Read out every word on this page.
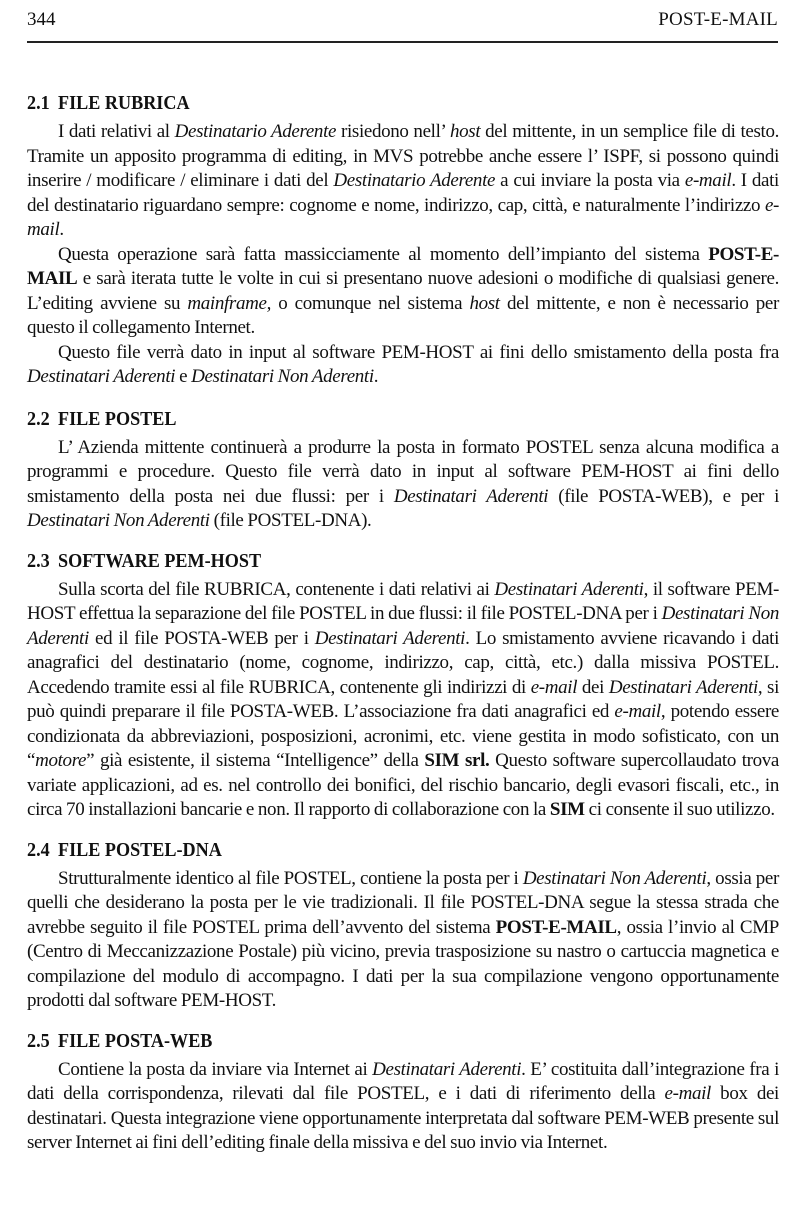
344	POST-E-MAIL
2.1 FILE RUBRICA

I dati relativi al Destinatario Aderente risiedono nell’ host del mittente, in un semplice file di testo. Tramite un apposito programma di editing, in MVS potrebbe anche essere l’ ISPF, si possono quindi inserire / modificare / eliminare i dati del Destinatario Aderente a cui inviare la posta via e-mail. I dati del destinatario riguardano sempre: cognome e nome, indirizzo, cap, città, e naturalmente l’indirizzo e-mail.

Questa operazione sarà fatta massicciamente al momento dell’impianto del sistema POST-E-MAIL e sarà iterata tutte le volte in cui si presentano nuove adesioni o modifiche di qualsiasi genere. L’editing avviene su mainframe, o comunque nel sistema host del mittente, e non è necessario per questo il collegamento Internet.

Questo file verrà dato in input al software PEM-HOST ai fini dello smistamento della posta fra Destinatari Aderenti e Destinatari Non Aderenti.

2.2 FILE POSTEL

L’ Azienda mittente continuerà a produrre la posta in formato POSTEL senza alcuna modifica a programmi e procedure. Questo file verrà dato in input al software PEM-HOST ai fini dello smistamento della posta nei due flussi: per i Destinatari Aderenti (file POSTA-WEB), e per i Destinatari Non Aderenti (file POSTEL-DNA).

2.3 SOFTWARE PEM-HOST

Sulla scorta del file RUBRICA, contenente i dati relativi ai Destinatari Aderenti, il software PEM-HOST effettua la separazione del file POSTEL in due flussi: il file POSTEL-DNA per i Destinatari Non Aderenti ed il file POSTA-WEB per i Destinatari Aderenti. Lo smistamento avviene ricavando i dati anagrafici del destinatario (nome, cognome, indirizzo, cap, città, etc.) dalla missiva POSTEL. Accedendo tramite essi al file RUBRICA, contenente gli indirizzi di e-mail dei Destinatari Aderenti, si può quindi preparare il file POSTA-WEB. L’associazione fra dati anagrafici ed e-mail, potendo essere condizionata da abbreviazioni, posposizioni, acronimi, etc. viene gestita in modo sofisticato, con un “motore” già esistente, il sistema “Intelligence” della SIM srl. Questo software supercollaudato trova variate applicazioni, ad es. nel controllo dei bonifici, del rischio bancario, degli evasori fiscali, etc., in circa 70 installazioni bancarie e non. Il rapporto di collaborazione con la SIM ci consente il suo utilizzo.

2.4 FILE POSTEL-DNA

Strutturalmente identico al file POSTEL, contiene la posta per i Destinatari Non Aderenti, ossia per quelli che desiderano la posta per le vie tradizionali. Il file POSTEL-DNA segue la stessa strada che avrebbe seguito il file POSTEL prima dell’avvento del sistema POST-E-MAIL, ossia l’invio al CMP (Centro di Meccanizzazione Postale) più vicino, previa trasposizione su nastro o cartuccia magnetica e compilazione del modulo di accompagno. I dati per la sua compilazione vengono opportunamente prodotti dal software PEM-HOST.

2.5 FILE POSTA-WEB

Contiene la posta da inviare via Internet ai Destinatari Aderenti. E’ costituita dall’integrazione fra i dati della corrispondenza, rilevati dal file POSTEL, e i dati di riferimento della e-mail box dei destinatari. Questa integrazione viene opportunamente interpretata dal software PEM-WEB presente sul server Internet ai fini dell’editing finale della missiva e del suo invio via Internet.
